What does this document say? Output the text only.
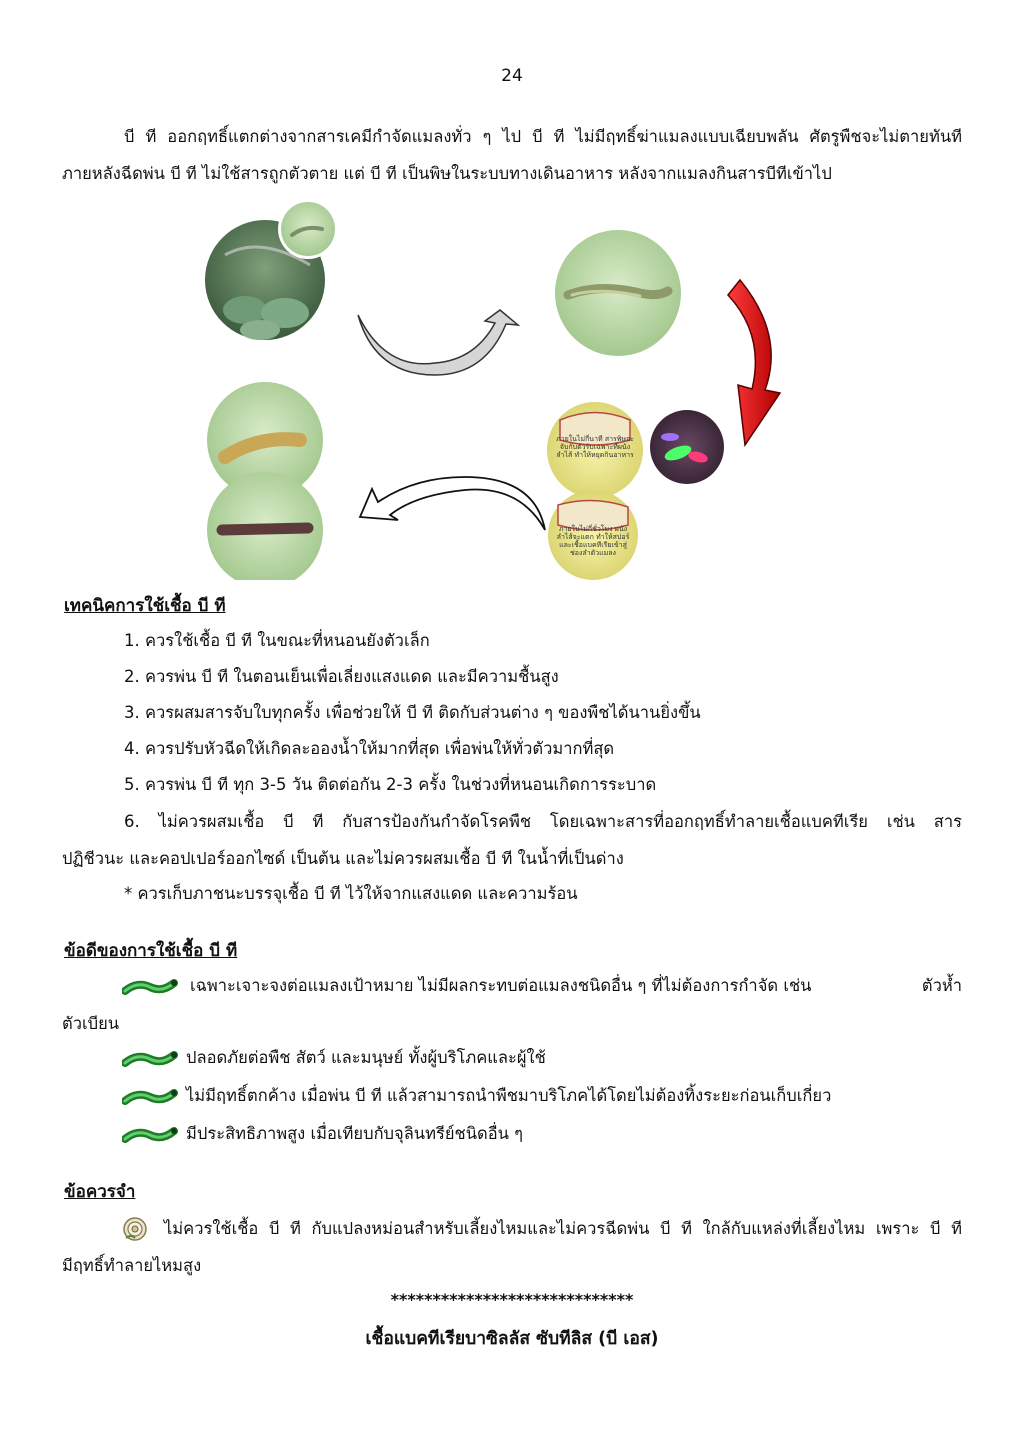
24
บี ที ออกฤทธิ์แตกต่างจากสารเคมีกำจัดแมลงทั่ว ๆ ไป บี ที ไม่มีฤทธิ์ฆ่าแมลงแบบเฉียบพลัน ศัตรูพืชจะไม่ตายทันที
ภายหลังฉีดพ่น บี ที ไม่ใช้สารถูกตัวตาย แต่ บี ที เป็นพิษในระบบทางเดินอาหาร หลังจากแมลงกินสารบีทีเข้าไป
ภายในไม่กี่นาที สารพิษจะจับกับตัวรับเฉพาะที่ผนังลำไส้ ทำให้หยุดกินอาหาร
ภายในไม่กี่ชั่วโมง ผนังลำไส้จะแตก ทำให้สปอร์และเชื้อแบคทีเรียเข้าสู่ช่องลำตัวแมลง
เทคนิคการใช้เชื้อ บี ที
1. ควรใช้เชื้อ บี ที ในขณะที่หนอนยังตัวเล็ก
2. ควรพ่น บี ที ในตอนเย็นเพื่อเลี่ยงแสงแดด และมีความชื้นสูง
3. ควรผสมสารจับใบทุกครั้ง เพื่อช่วยให้ บี ที ติดกับส่วนต่าง ๆ ของพืชได้นานยิ่งขึ้น
4. ควรปรับหัวฉีดให้เกิดละอองน้ำให้มากที่สุด เพื่อพ่นให้ทั่วตัวมากที่สุด
5. ควรพ่น บี ที ทุก 3-5 วัน ติดต่อกัน 2-3 ครั้ง ในช่วงที่หนอนเกิดการระบาด
6. ไม่ควรผสมเชื้อ บี ที กับสารป้องกันกำจัดโรคพืช โดยเฉพาะสารที่ออกฤทธิ์ทำลายเชื้อแบคทีเรีย เช่น สาร
ปฏิชีวนะ และคอปเปอร์ออกไซด์ เป็นต้น และไม่ควรผสมเชื้อ บี ที ในน้ำที่เป็นด่าง
* ควรเก็บภาชนะบรรจุเชื้อ บี ที ไว้ให้จากแสงแดด และความร้อน
ข้อดีของการใช้เชื้อ บี ที
เฉพาะเจาะจงต่อแมลงเป้าหมาย ไม่มีผลกระทบต่อแมลงชนิดอื่น ๆ ที่ไม่ต้องการกำจัด เช่น	ตัวห้ำ
ตัวเบียน
ปลอดภัยต่อพืช สัตว์ และมนุษย์ ทั้งผู้บริโภคและผู้ใช้
ไม่มีฤทธิ์ตกค้าง เมื่อพ่น บี ที แล้วสามารถนำพืชมาบริโภคได้โดยไม่ต้องทิ้งระยะก่อนเก็บเกี่ยว
มีประสิทธิภาพสูง เมื่อเทียบกับจุลินทรีย์ชนิดอื่น ๆ
ข้อควรจำ
ไม่ควรใช้เชื้อ บี ที กับแปลงหม่อนสำหรับเลี้ยงไหมและไม่ควรฉีดพ่น บี ที ใกล้กับแหล่งที่เลี้ยงไหม เพราะ บี ที
มีฤทธิ์ทำลายไหมสูง
*****************************
เชื้อแบคทีเรียบาซิลลัส ซับทีลิส (บี เอส)
